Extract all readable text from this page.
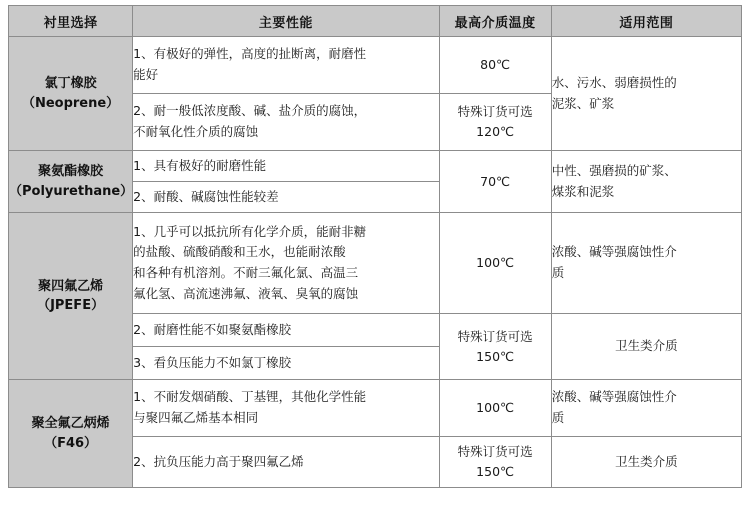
衬里选择	主要性能	最高介质温度	适用范围

氯丁橡胶
（Neoprene）	1、有极好的弹性，高度的扯断离，耐磨性
能好	80℃	水、污水、弱磨损性的
泥浆、矿浆

	2、耐一般低浓度酸、碱、盐介质的腐蚀，
不耐氧化性介质的腐蚀	特殊订货可选
120℃	

聚氨酯橡胶
（Polyurethane）	1、具有极好的耐磨性能	70℃	中性、强磨损的矿浆、
煤浆和泥浆

	2、耐酸、碱腐蚀性能较差		

聚四氟乙烯
（JPEFE）	1、几乎可以抵抗所有化学介质，能耐非糖
的盐酸、硫酸硝酸和王水，也能耐浓酸
和各种有机溶剂。不耐三氟化氯、高温三
氟化氢、高流速沸氟、液氧、臭氧的腐蚀	100℃	浓酸、碱等强腐蚀性介
质

	2、耐磨性能不如聚氨酯橡胶	特殊订货可选
150℃	卫生类介质

	3、看负压能力不如氯丁橡胶		

聚全氟乙炳烯
（F46）	1、不耐发烟硝酸、丁基锂，其他化学性能
与聚四氟乙烯基本相同	100℃	浓酸、碱等强腐蚀性介
质

	2、抗负压能力高于聚四氟乙烯	特殊订货可选
150℃	卫生类介质
